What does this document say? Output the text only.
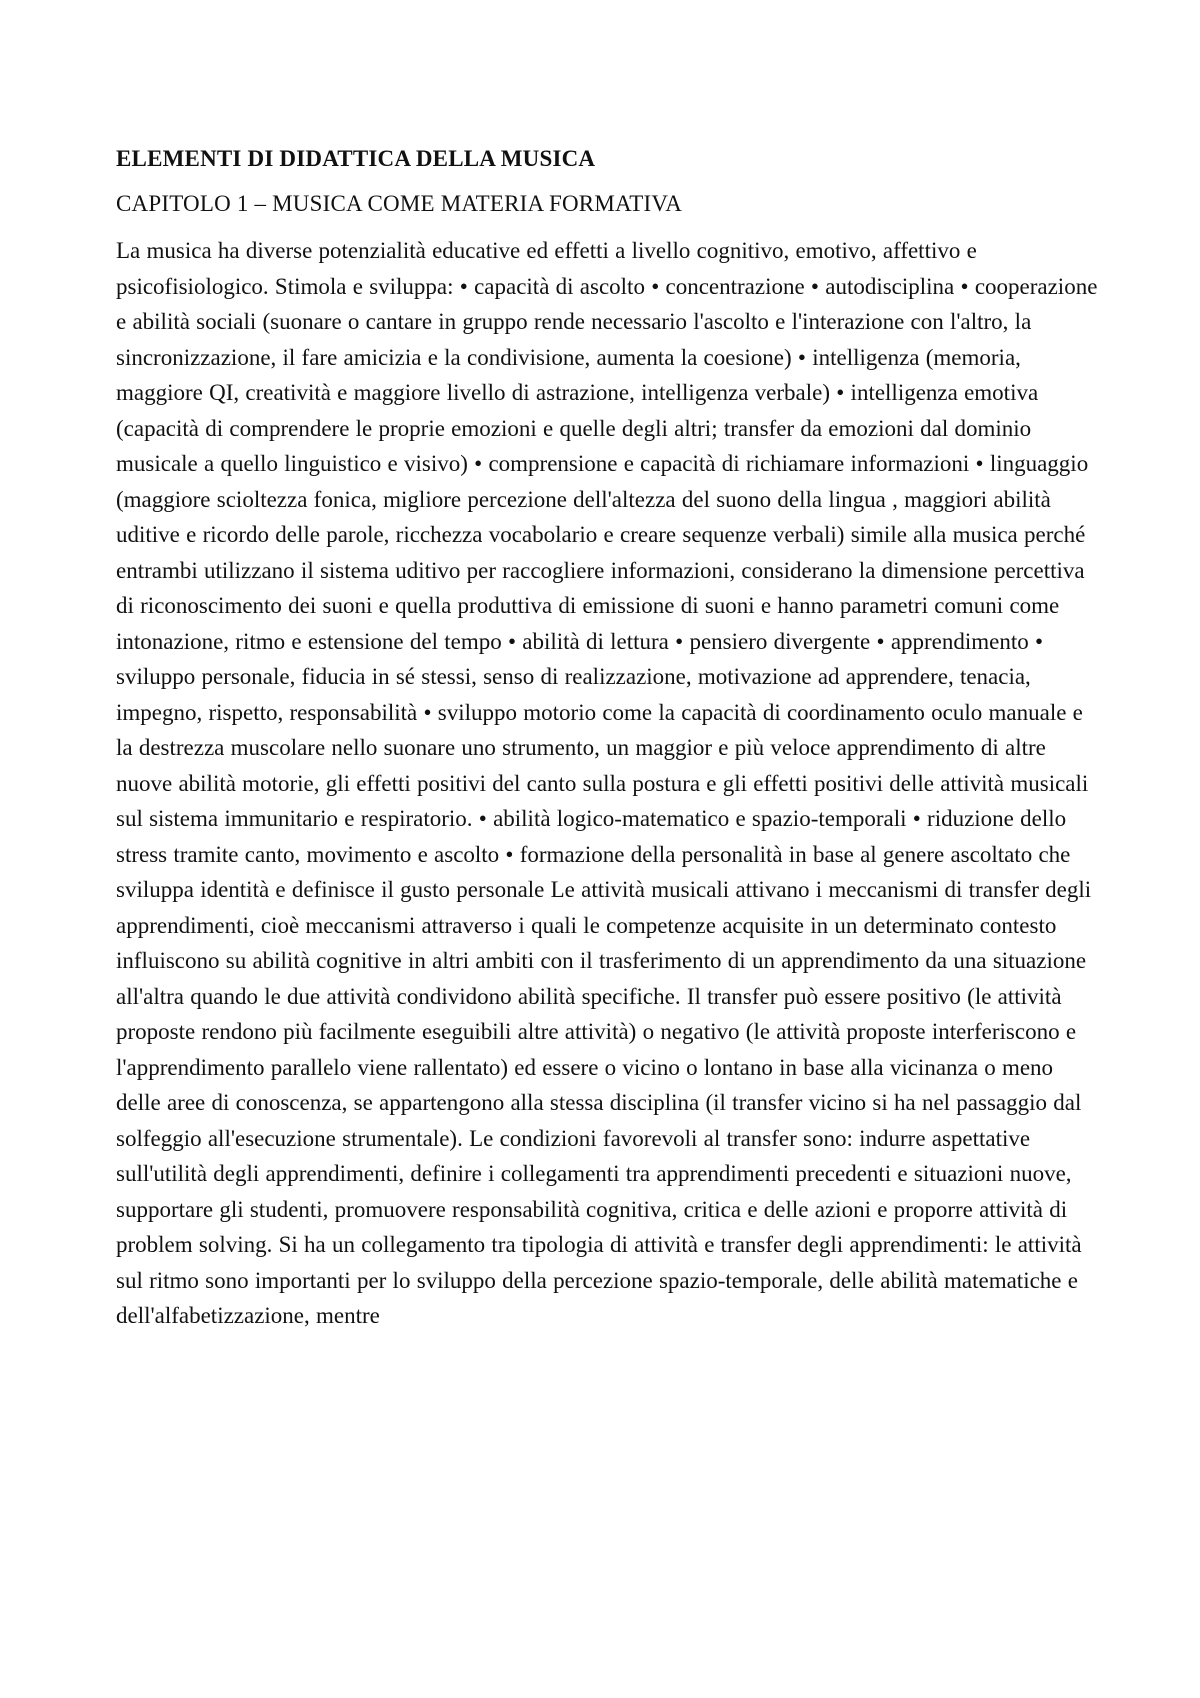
ELEMENTI DI DIDATTICA DELLA MUSICA
CAPITOLO 1 – MUSICA COME MATERIA FORMATIVA

La musica ha diverse potenzialità educative ed effetti a livello cognitivo, emotivo, affettivo e psicofisiologico. Stimola e sviluppa: • capacità di ascolto • concentrazione • autodisciplina • cooperazione e abilità sociali (suonare o cantare in gruppo rende necessario l'ascolto e l'interazione con l'altro, la sincronizzazione, il fare amicizia e la condivisione, aumenta la coesione) • intelligenza (memoria, maggiore QI, creatività e maggiore livello di astrazione, intelligenza verbale) • intelligenza emotiva (capacità di comprendere le proprie emozioni e quelle degli altri; transfer da emozioni dal dominio musicale a quello linguistico e visivo) • comprensione e capacità di richiamare informazioni • linguaggio (maggiore scioltezza fonica, migliore percezione dell'altezza del suono della lingua , maggiori abilità uditive e ricordo delle parole, ricchezza vocabolario e creare sequenze verbali) simile alla musica perché entrambi utilizzano il sistema uditivo per raccogliere informazioni, considerano la dimensione percettiva di riconoscimento dei suoni e quella produttiva di emissione di suoni e hanno parametri comuni come intonazione, ritmo e estensione del tempo • abilità di lettura • pensiero divergente • apprendimento • sviluppo personale, fiducia in sé stessi, senso di realizzazione, motivazione ad apprendere, tenacia, impegno, rispetto, responsabilità • sviluppo motorio come la capacità di coordinamento oculo manuale e la destrezza muscolare nello suonare uno strumento, un maggior e più veloce apprendimento di altre nuove abilità motorie, gli effetti positivi del canto sulla postura e gli effetti positivi delle attività musicali sul sistema immunitario e respiratorio. • abilità logico-matematico e spazio-temporali • riduzione dello stress tramite canto, movimento e ascolto • formazione della personalità in base al genere ascoltato che sviluppa identità e definisce il gusto personale Le attività musicali attivano i meccanismi di transfer degli apprendimenti, cioè meccanismi attraverso i quali le competenze acquisite in un determinato contesto influiscono su abilità cognitive in altri ambiti con il trasferimento di un apprendimento da una situazione all'altra quando le due attività condividono abilità specifiche. Il transfer può essere positivo (le attività proposte rendono più facilmente eseguibili altre attività) o negativo (le attività proposte interferiscono e l'apprendimento parallelo viene rallentato) ed essere o vicino o lontano in base alla vicinanza o meno delle aree di conoscenza, se appartengono alla stessa disciplina (il transfer vicino si ha nel passaggio dal solfeggio all'esecuzione strumentale). Le condizioni favorevoli al transfer sono: indurre aspettative sull'utilità degli apprendimenti, definire i collegamenti tra apprendimenti precedenti e situazioni nuove, supportare gli studenti, promuovere responsabilità cognitiva, critica e delle azioni e proporre attività di problem solving. Si ha un collegamento tra tipologia di attività e transfer degli apprendimenti: le attività sul ritmo sono importanti per lo sviluppo della percezione spazio-temporale, delle abilità matematiche e dell'alfabetizzazione, mentre
